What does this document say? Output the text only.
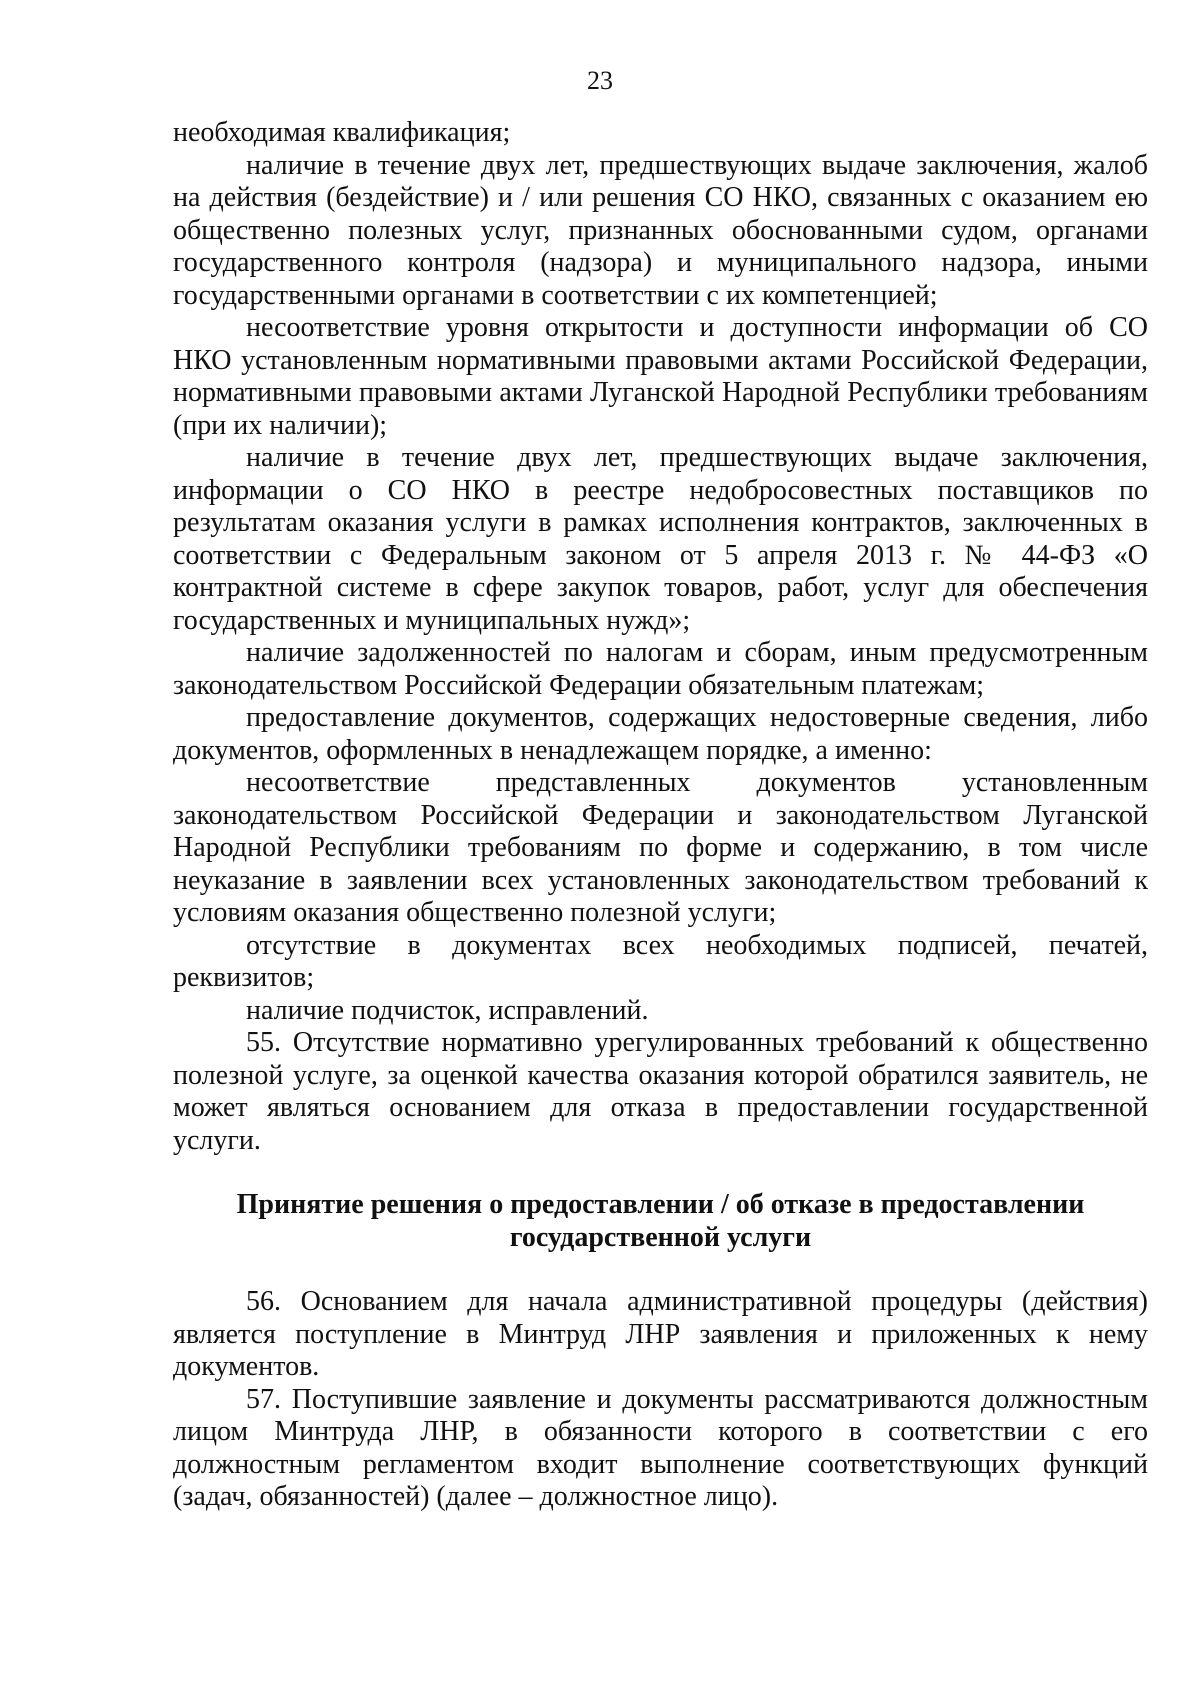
23

необходимая квалификация;

наличие в течение двух лет, предшествующих выдаче заключения, жалоб на действия (бездействие) и / или решения СО НКО, связанных с оказанием ею общественно полезных услуг, признанных обоснованными судом, органами государственного контроля (надзора) и муниципального надзора, иными государственными органами в соответствии с их компетенцией;

несоответствие уровня открытости и доступности информации об СО НКО установленным нормативными правовыми актами Российской Федерации, нормативными правовыми актами Луганской Народной Республики требованиям (при их наличии);

наличие в течение двух лет, предшествующих выдаче заключения, информации о СО НКО в реестре недобросовестных поставщиков по результатам оказания услуги в рамках исполнения контрактов, заключенных в соответствии с Федеральным законом от 5 апреля 2013 г. № 44-ФЗ «О контрактной системе в сфере закупок товаров, работ, услуг для обеспечения государственных и муниципальных нужд»;

наличие задолженностей по налогам и сборам, иным предусмотренным законодательством Российской Федерации обязательным платежам;

предоставление документов, содержащих недостоверные сведения, либо документов, оформленных в ненадлежащем порядке, а именно:

несоответствие представленных документов установленным законодательством Российской Федерации и законодательством Луганской Народной Республики требованиям по форме и содержанию, в том числе неуказание в заявлении всех установленных законодательством требований к условиям оказания общественно полезной услуги;

отсутствие в документах всех необходимых подписей, печатей, реквизитов;

наличие подчисток, исправлений.

55. Отсутствие нормативно урегулированных требований к общественно полезной услуге, за оценкой качества оказания которой обратился заявитель, не может являться основанием для отказа в предоставлении государственной услуги.

Принятие решения о предоставлении / об отказе в предоставлении
государственной услуги

56. Основанием для начала административной процедуры (действия) является поступление в Минтруд ЛНР заявления и приложенных к нему документов.

57. Поступившие заявление и документы рассматриваются должностным лицом Минтруда ЛНР, в обязанности которого в соответствии с его должностным регламентом входит выполнение соответствующих функций (задач, обязанностей) (далее – должностное лицо).
